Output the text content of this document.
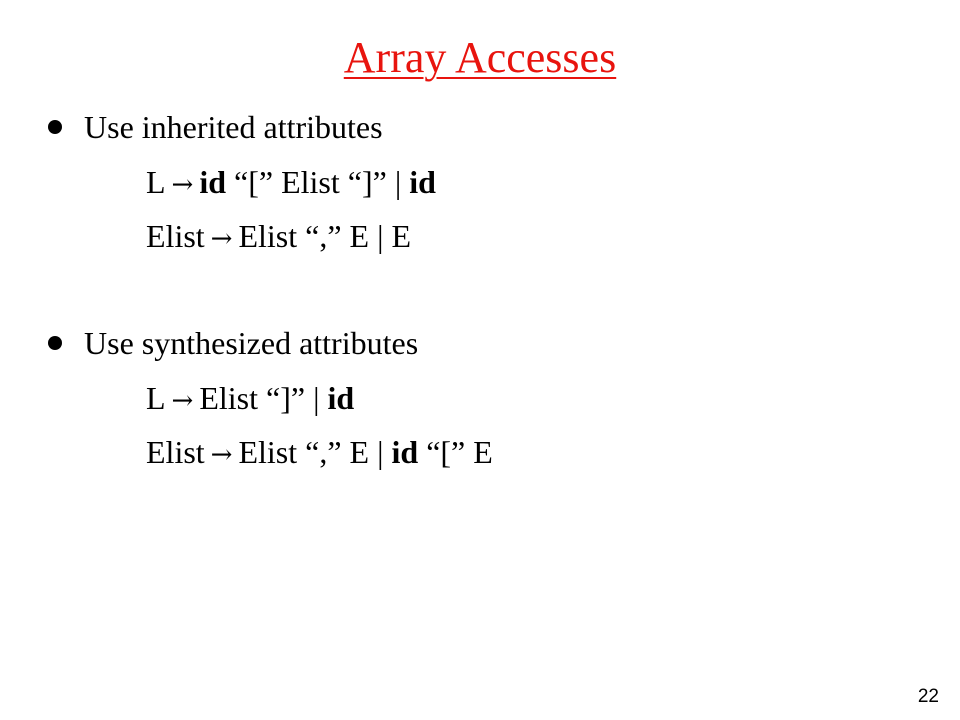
Array Accesses
Use inherited attributes
L → id “[” Elist “]” | id
Elist → Elist “,” E | E
Use synthesized attributes
L → Elist “]” | id
Elist → Elist “,” E | id “[” E
22
